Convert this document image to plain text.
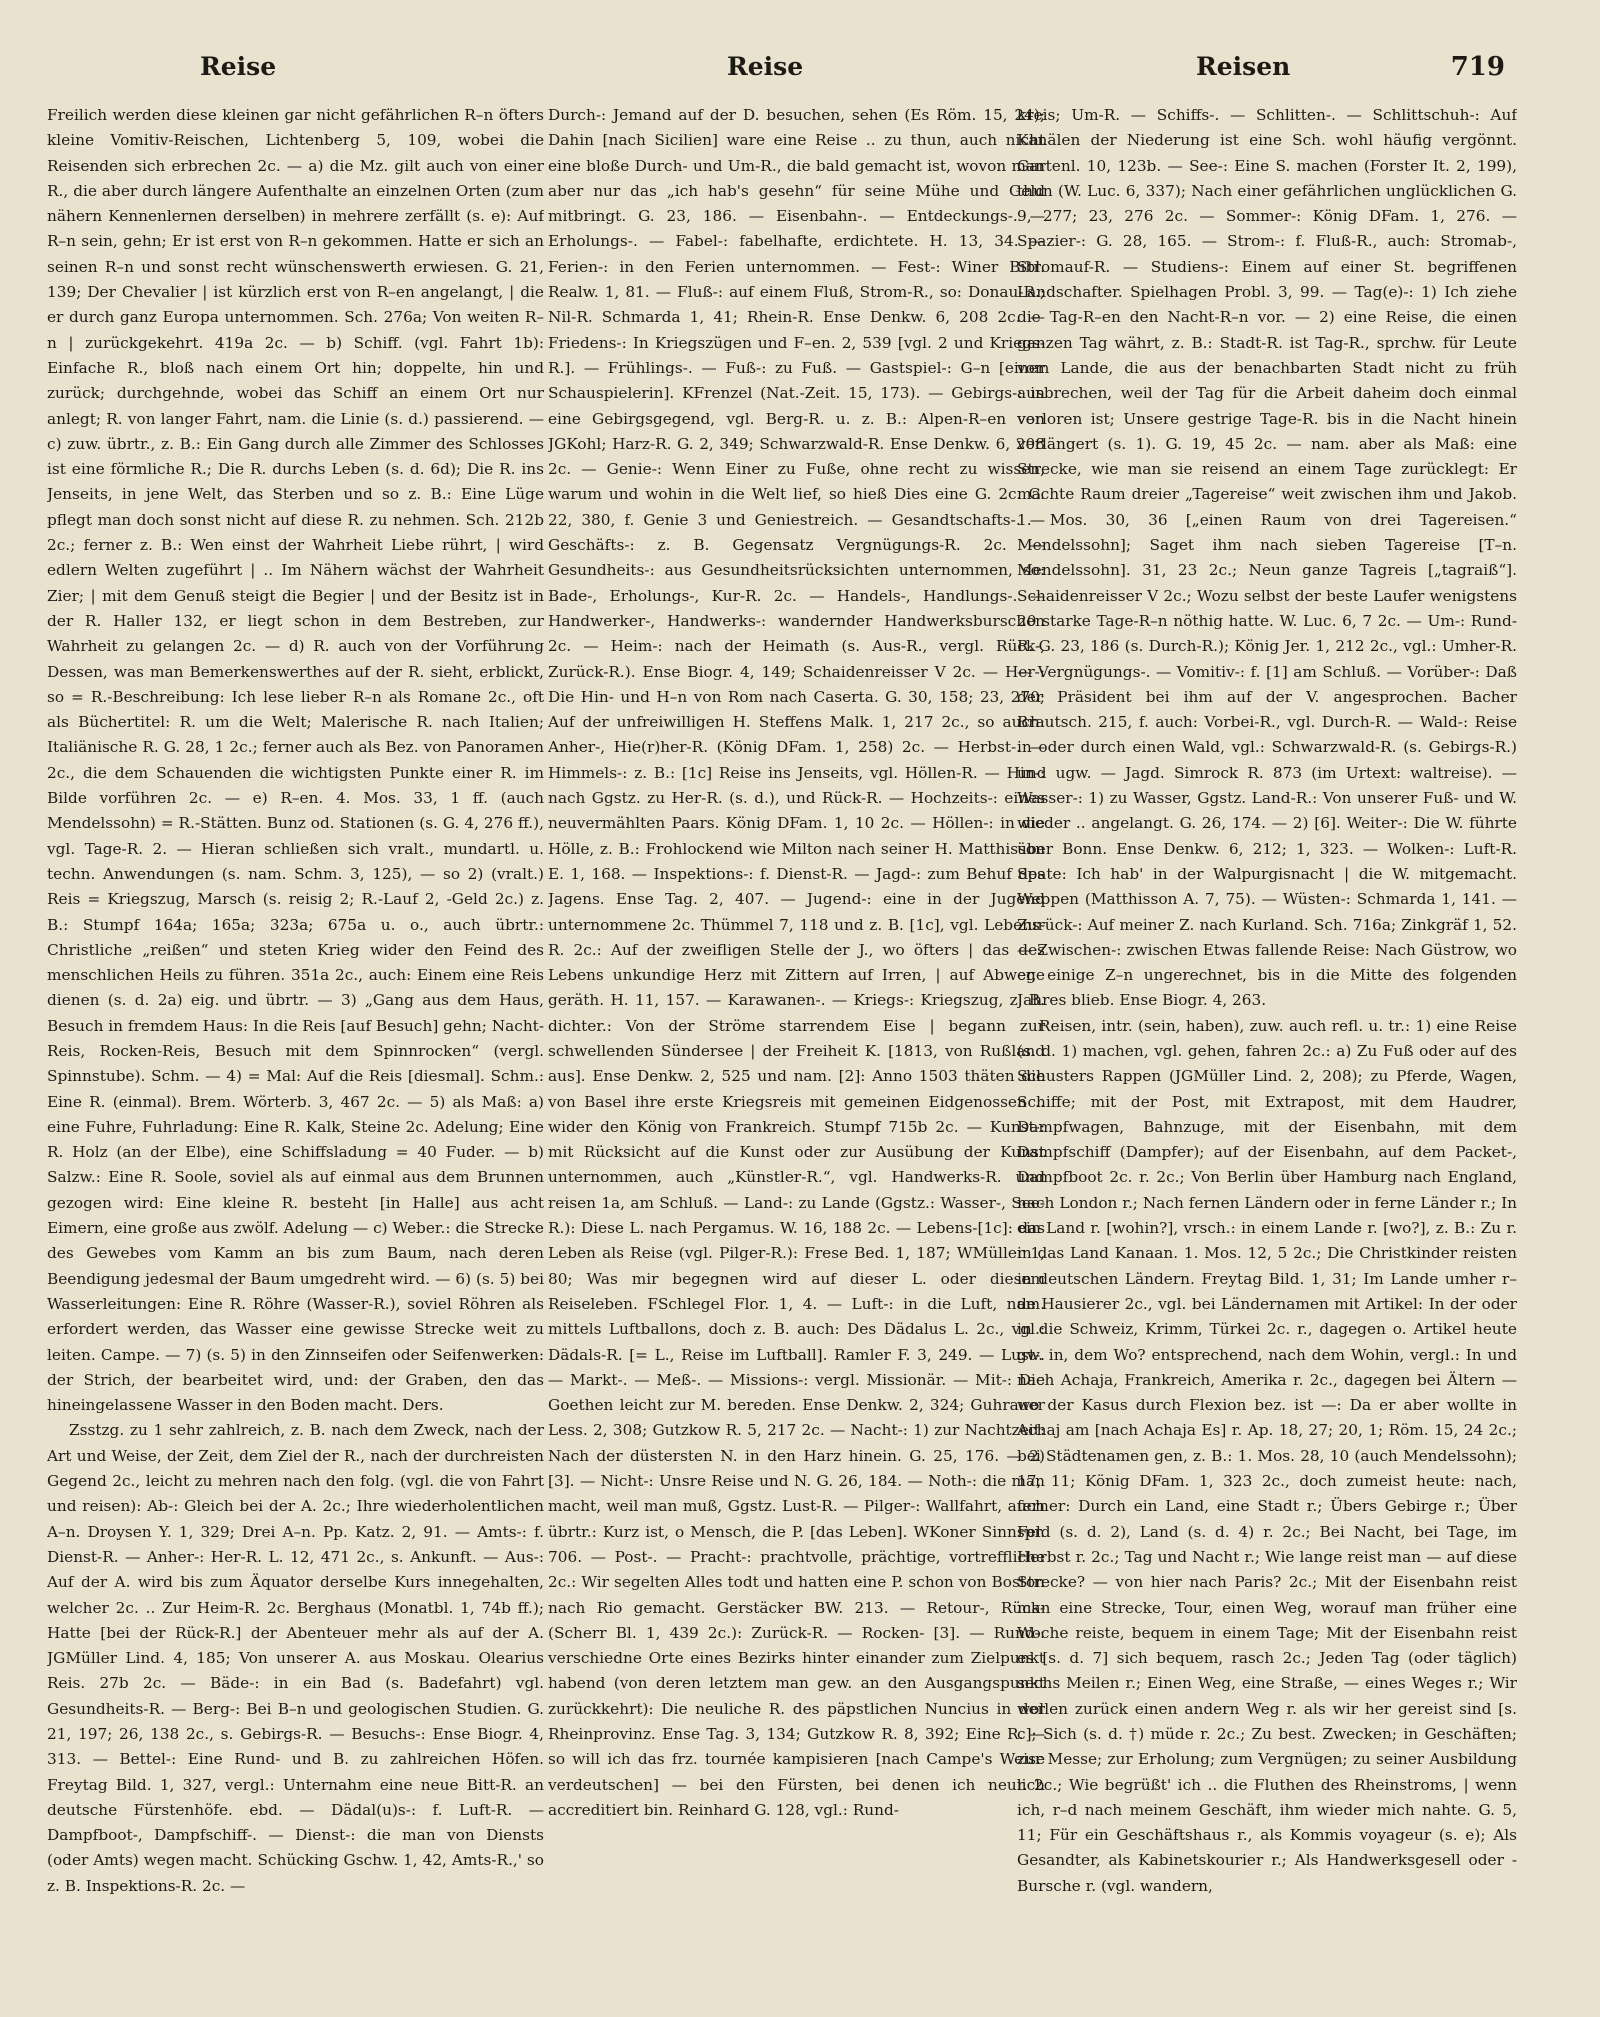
Reise	Reise	Reisen	719

Freilich werden diese kleinen gar nicht gefährlichen R–n öfters kleine Vomitiv-Reischen, Lichtenberg 5, 109, wobei die Reisenden sich erbrechen 2c. — a) die Mz. gilt auch von einer R., die aber durch längere Aufenthalte an einzelnen Orten (zum nähern Kennenlernen derselben) in mehrere zerfällt (s. e): Auf R–n sein, gehn; Er ist erst von R–n gekommen. Hatte er sich an seinen R–n und sonst recht wünschenswerth erwiesen. G. 21, 139; Der Chevalier | ist kürzlich erst von R–en angelangt, | die er durch ganz Europa unternommen. Sch. 276a; Von weiten R–n | zurückgekehrt. 419a 2c. — b) Schiff. (vgl. Fahrt 1b): Einfache R., bloß nach einem Ort hin; doppelte, hin und zurück; durchgehnde, wobei das Schiff an einem Ort nur anlegt; R. von langer Fahrt, nam. die Linie (s. d.) passierend. — c) zuw. übrtr., z. B.: Ein Gang durch alle Zimmer des Schlosses ist eine förmliche R.; Die R. durchs Leben (s. d. 6d); Die R. ins Jenseits, in jene Welt, das Sterben und so z. B.: Eine Lüge pflegt man doch sonst nicht auf diese R. zu nehmen. Sch. 212b 2c.; ferner z. B.: Wen einst der Wahrheit Liebe rührt, | wird edlern Welten zugeführt | .. Im Nähern wächst der Wahrheit Zier; | mit dem Genuß steigt die Begier | und der Besitz ist in der R. Haller 132, er liegt schon in dem Bestreben, zur Wahrheit zu gelangen 2c. — d) R. auch von der Vorführung Dessen, was man Bemerkenswerthes auf der R. sieht, erblickt, so = R.-Beschreibung: Ich lese lieber R–n als Romane 2c., oft als Büchertitel: R. um die Welt; Malerische R. nach Italien; Italiänische R. G. 28, 1 2c.; ferner auch als Bez. von Panoramen 2c., die dem Schauenden die wichtigsten Punkte einer R. im Bilde vorführen 2c. — e) R–en. 4. Mos. 33, 1 ff. (auch Mendelssohn) = R.-Stätten. Bunz od. Stationen (s. G. 4, 276 ff.), vgl. Tage-R. 2. — Hieran schließen sich vralt., mundartl. u. techn. Anwendungen (s. nam. Schm. 3, 125), — so 2) (vralt.) Reis = Kriegszug, Marsch (s. reisig 2; R.-Lauf 2, -Geld 2c.) z. B.: Stumpf 164a; 165a; 323a; 675a u. o., auch übrtr.: Christliche „reißen“ und steten Krieg wider den Feind des menschlichen Heils zu führen. 351a 2c., auch: Einem eine Reis dienen (s. d. 2a) eig. und übrtr. — 3) „Gang aus dem Haus, Besuch in fremdem Haus: In die Reis [auf Besuch] gehn; Nacht-Reis, Rocken-Reis, Besuch mit dem Spinnrocken“ (vergl. Spinnstube). Schm. — 4) = Mal: Auf die Reis [diesmal]. Schm.: Eine R. (einmal). Brem. Wörterb. 3, 467 2c. — 5) als Maß: a) eine Fuhre, Fuhrladung: Eine R. Kalk, Steine 2c. Adelung; Eine R. Holz (an der Elbe), eine Schiffsladung = 40 Fuder. — b) Salzw.: Eine R. Soole, soviel als auf einmal aus dem Brunnen gezogen wird: Eine kleine R. besteht [in Halle] aus acht Eimern, eine große aus zwölf. Adelung — c) Weber.: die Strecke des Gewebes vom Kamm an bis zum Baum, nach deren Beendigung jedesmal der Baum umgedreht wird. — 6) (s. 5) bei Wasserleitungen: Eine R. Röhre (Wasser-R.), soviel Röhren als erfordert werden, das Wasser eine gewisse Strecke weit zu leiten. Campe. — 7) (s. 5) in den Zinnseifen oder Seifenwerken: der Strich, der bearbeitet wird, und: der Graben, den das hineingelassene Wasser in den Boden macht. Ders.

Zsstzg. zu 1 sehr zahlreich, z. B. nach dem Zweck, nach der Art und Weise, der Zeit, dem Ziel der R., nach der durchreisten Gegend 2c., leicht zu mehren nach den folg. (vgl. die von Fahrt und reisen): Ab-: Gleich bei der A. 2c.; Ihre wiederholentlichen A–n. Droysen Y. 1, 329; Drei A–n. Pp. Katz. 2, 91. — Amts-: f. Dienst-R. — Anher-: Her-R. L. 12, 471 2c., s. Ankunft. — Aus-: Auf der A. wird bis zum Äquator derselbe Kurs innegehalten, welcher 2c. .. Zur Heim-R. 2c. Berghaus (Monatbl. 1, 74b ff.); Hatte [bei der Rück-R.] der Abenteuer mehr als auf der A. JGMüller Lind. 4, 185; Von unserer A. aus Moskau. Olearius Reis. 27b 2c. — Bäde-: in ein Bad (s. Badefahrt) vgl. Gesundheits-R. — Berg-: Bei B–n und geologischen Studien. G. 21, 197; 26, 138 2c., s. Gebirgs-R. — Besuchs-: Ense Biogr. 4, 313. — Bettel-: Eine Rund- und B. zu zahlreichen Höfen. Freytag Bild. 1, 327, vergl.: Unternahm eine neue Bitt-R. an deutsche Fürstenhöfe. ebd. — Dädal(u)s-: f. Luft-R. — Dampfboot-, Dampfschiff-. — Dienst-: die man von Diensts (oder Amts) wegen macht. Schücking Gschw. 1, 42, Amts-R.,' so z. B. Inspektions-R. 2c. —

Durch-: Jemand auf der D. besuchen, sehen (Es Röm. 15, 24); Dahin [nach Sicilien] ware eine Reise .. zu thun, auch nicht eine bloße Durch- und Um-R., die bald gemacht ist, wovon man aber nur das „ich hab's gesehn“ für seine Mühe und Geld mitbringt. G. 23, 186. — Eisenbahn-. — Entdeckungs-. — Erholungs-. — Fabel-: fabelhafte, erdichtete. H. 13, 34. — Ferien-: in den Ferien unternommen. — Fest-: Winer Bibl. Realw. 1, 81. — Fluß-: auf einem Fluß, Strom-R., so: Donau-R.; Nil-R. Schmarda 1, 41; Rhein-R. Ense Denkw. 6, 208 2c. — Friedens-: In Kriegszügen und F–en. 2, 539 [vgl. 2 und Kriegs-R.]. — Frühlings-. — Fuß-: zu Fuß. — Gastspiel-: G–n [einer Schauspielerin]. KFrenzel (Nat.-Zeit. 15, 173). — Gebirgs-: in eine Gebirgsgegend, vgl. Berg-R. u. z. B.: Alpen-R–en von JGKohl; Harz-R. G. 2, 349; Schwarzwald-R. Ense Denkw. 6, 208 2c. — Genie-: Wenn Einer zu Fuße, ohne recht zu wissen, warum und wohin in die Welt lief, so hieß Dies eine G. 2c. G. 22, 380, f. Genie 3 und Geniestreich. — Gesandtschafts-. — Geschäfts-: z. B. Gegensatz Vergnügungs-R. 2c. — Gesundheits-: aus Gesundheitsrücksichten unternommen, so: Bade-, Erholungs-, Kur-R. 2c. — Handels-, Handlungs-. — Handwerker-, Handwerks-: wandernder Handwerksburschen 2c. — Heim-: nach der Heimath (s. Aus-R., vergl. Rück-, Zurück-R.). Ense Biogr. 4, 149; Schaidenreisser V 2c. — Her-: Die Hin- und H–n von Rom nach Caserta. G. 30, 158; 23, 270; Auf der unfreiwilligen H. Steffens Malk. 1, 217 2c., so auch: Anher-, Hie(r)her-R. (König DFam. 1, 258) 2c. — Herbst-. — Himmels-: z. B.: [1c] Reise ins Jenseits, vgl. Höllen-R. — Hin-: nach Ggstz. zu Her-R. (s. d.), und Rück-R. — Hochzeits-: eines neuvermählten Paars. König DFam. 1, 10 2c. — Höllen-: in die Hölle, z. B.: Frohlockend wie Milton nach seiner H. Matthisson E. 1, 168. — Inspektions-: f. Dienst-R. — Jagd-: zum Behuf des Jagens. Ense Tag. 2, 407. — Jugend-: eine in der Jugend unternommene 2c. Thümmel 7, 118 und z. B. [1c], vgl. Lebens-R. 2c.: Auf der zweifligen Stelle der J., wo öfters | das des Lebens unkundige Herz mit Zittern auf Irren, | auf Abwege geräth. H. 11, 157. — Karawanen-. — Kriegs-: Kriegszug, z. B. dichter.: Von der Ströme starrendem Eise | begann zur schwellenden Sündersee | der Freiheit K. [1813, von Rußland aus]. Ense Denkw. 2, 525 und nam. [2]: Anno 1503 thäten die von Basel ihre erste Kriegsreis mit gemeinen Eidgenossen .. wider den König von Frankreich. Stumpf 715b 2c. — Kunst-: mit Rücksicht auf die Kunst oder zur Ausübung der Kunst unternommen, auch „Künstler-R.“, vgl. Handwerks-R. und reisen 1a, am Schluß. — Land-: zu Lande (Ggstz.: Wasser-, See-R.): Diese L. nach Pergamus. W. 16, 188 2c. — Lebens-[1c]: das Leben als Reise (vgl. Pilger-R.): Frese Bed. 1, 187; WMüller 1, 80; Was mir begegnen wird auf dieser L. oder diesem Reiseleben. FSchlegel Flor. 1, 4. — Luft-: in die Luft, nam. mittels Luftballons, doch z. B. auch: Des Dädalus L. 2c., vgl.: Dädals-R. [= L., Reise im Luftball]. Ramler F. 3, 249. — Lust-. — Markt-. — Meß-. — Missions-: vergl. Missionär. — Mit-: Die Goethen leicht zur M. bereden. Ense Denkw. 2, 324; Guhrauer Less. 2, 308; Gutzkow R. 5, 217 2c. — Nacht-: 1) zur Nachtzeit: Nach der düstersten N. in den Harz hinein. G. 25, 176. — 2) [3]. — Nicht-: Unsre Reise und N. G. 26, 184. — Noth-: die man macht, weil man muß, Ggstz. Lust-R. — Pilger-: Wallfahrt, auch übrtr.: Kurz ist, o Mensch, die P. [das Leben]. WKoner Sinnspr. 706. — Post-. — Pracht-: prachtvolle, prächtige, vortreffliche 2c.: Wir segelten Alles todt und hatten eine P. schon von Boston nach Rio gemacht. Gerstäcker BW. 213. — Retour-, Rück- (Scherr Bl. 1, 439 2c.): Zurück-R. — Rocken- [3]. — Rund-: verschiedne Orte eines Bezirks hinter einander zum Zielpunkt habend (von deren letztem man gew. an den Ausgangspunkt zurückkehrt): Die neuliche R. des päpstlichen Nuncius in der Rheinprovinz. Ense Tag. 3, 134; Gutzkow R. 8, 392; Eine R. — so will ich das frz. tournée kampisieren [nach Campe's Weise verdeutschen] — bei den Fürsten, bei denen ich neulich accreditiert bin. Reinhard G. 128, vgl.: Rund-

kreis; Um-R. — Schiffs-. — Schlitten-. — Schlittschuh-: Auf Kanälen der Niederung ist eine Sch. wohl häufig vergönnt. Gartenl. 10, 123b. — See-: Eine S. machen (Forster It. 2, 199), thun (W. Luc. 6, 337); Nach einer gefährlichen unglücklichen G. 9, 277; 23, 276 2c. — Sommer-: König DFam. 1, 276. — Spazier-: G. 28, 165. — Strom-: f. Fluß-R., auch: Stromab-, Stromauf-R. — Studiens-: Einem auf einer St. begriffenen Landschafter. Spielhagen Probl. 3, 99. — Tag(e)-: 1) Ich ziehe die Tag-R–en den Nacht-R–n vor. — 2) eine Reise, die einen ganzen Tag währt, z. B.: Stadt-R. ist Tag-R., sprchw. für Leute vom Lande, die aus der benachbarten Stadt nicht zu früh ausbrechen, weil der Tag für die Arbeit daheim doch einmal verloren ist; Unsere gestrige Tage-R. bis in die Nacht hinein verlängert (s. 1). G. 19, 45 2c. — nam. aber als Maß: eine Strecke, wie man sie reisend an einem Tage zurücklegt: Er machte Raum dreier „Tagereise“ weit zwischen ihm und Jakob. 1. Mos. 30, 36 [„einen Raum von drei Tagereisen.“ Mendelssohn]; Saget ihm nach sieben Tagereise [T–n. Mendelssohn]. 31, 23 2c.; Neun ganze Tagreis [„tagraiß“]. Schaidenreisser V 2c.; Wozu selbst der beste Laufer wenigstens 20 starke Tage-R–n nöthig hatte. W. Luc. 6, 7 2c. — Um-: Rund-R. G. 23, 186 (s. Durch-R.); König Jer. 1, 212 2c., vgl.: Umher-R. — Vergnügungs-. — Vomitiv-: f. [1] am Schluß. — Vorüber-: Daß der Präsident bei ihm auf der V. angesprochen. Bacher Brautsch. 215, f. auch: Vorbei-R., vgl. Durch-R. — Wald-: Reise in oder durch einen Wald, vgl.: Schwarzwald-R. (s. Gebirgs-R.) und ugw. — Jagd. Simrock R. 873 (im Urtext: waltreise). — Wasser-: 1) zu Wasser, Ggstz. Land-R.: Von unserer Fuß- und W. wieder .. angelangt. G. 26, 174. — 2) [6]. Weiter-: Die W. führte über Bonn. Ense Denkw. 6, 212; 1, 323. — Wolken-: Luft-R. Spate: Ich hab' in der Walpurgisnacht | die W. mitgemacht. Weppen (Matthisson A. 7, 75). — Wüsten-: Schmarda 1, 141. — Zurück-: Auf meiner Z. nach Kurland. Sch. 716a; Zinkgräf 1, 52. — Zwischen-: zwischen Etwas fallende Reise: Nach Güstrow, wo er, einige Z–n ungerechnet, bis in die Mitte des folgenden Jahres blieb. Ense Biogr. 4, 263.

Reisen, intr. (sein, haben), zuw. auch refl. u. tr.: 1) eine Reise (s. d. 1) machen, vgl. gehen, fahren 2c.: a) Zu Fuß oder auf des Schusters Rappen (JGMüller Lind. 2, 208); zu Pferde, Wagen, Schiffe; mit der Post, mit Extrapost, mit dem Haudrer, Dampfwagen, Bahnzuge, mit der Eisenbahn, mit dem Dampfschiff (Dampfer); auf der Eisenbahn, auf dem Packet-, Dampfboot 2c. r. 2c.; Von Berlin über Hamburg nach England, nach London r.; Nach fernen Ländern oder in ferne Länder r.; In ein Land r. [wohin?], vrsch.: in einem Lande r. [wo?], z. B.: Zu r. in das Land Kanaan. 1. Mos. 12, 5 2c.; Die Christkinder reisten in deutschen Ländern. Freytag Bild. 1, 31; Im Lande umher r–de Hausierer 2c., vgl. bei Ländernamen mit Artikel: In der oder in die Schweiz, Krimm, Türkei 2c. r., dagegen o. Artikel heute gw. in, dem Wo? entsprechend, nach dem Wohin, vergl.: In und nach Achaja, Frankreich, Amerika r. 2c., dagegen bei Ältern — wo der Kasus durch Flexion bez. ist —: Da er aber wollte in Achaj am [nach Achaja Es] r. Ap. 18, 27; 20, 1; Röm. 15, 24 2c.; bei Städtenamen gen, z. B.: 1. Mos. 28, 10 (auch Mendelssohn); 17, 11; König DFam. 1, 323 2c., doch zumeist heute: nach, ferner: Durch ein Land, eine Stadt r.; Übers Gebirge r.; Über Feld (s. d. 2), Land (s. d. 4) r. 2c.; Bei Nacht, bei Tage, im Herbst r. 2c.; Tag und Nacht r.; Wie lange reist man — auf diese Strecke? — von hier nach Paris? 2c.; Mit der Eisenbahn reist man eine Strecke, Tour, einen Weg, worauf man früher eine Woche reiste, bequem in einem Tage; Mit der Eisenbahn reist es [s. d. 7] sich bequem, rasch 2c.; Jeden Tag (oder täglich) sechs Meilen r.; Einen Weg, eine Straße, — eines Weges r.; Wir wollen zurück einen andern Weg r. als wir her gereist sind [s. c]; Sich (s. d. †) müde r. 2c.; Zu best. Zwecken; in Geschäften; zur Messe; zur Erholung; zum Vergnügen; zu seiner Ausbildung r. 2c.; Wie begrüßt' ich .. die Fluthen des Rheinstroms, | wenn ich, r–d nach meinem Geschäft, ihm wieder mich nahte. G. 5, 11; Für ein Geschäftshaus r., als Kommis voyageur (s. e); Als Gesandter, als Kabinetskourier r.; Als Handwerksgesell oder -Bursche r. (vgl. wandern,
